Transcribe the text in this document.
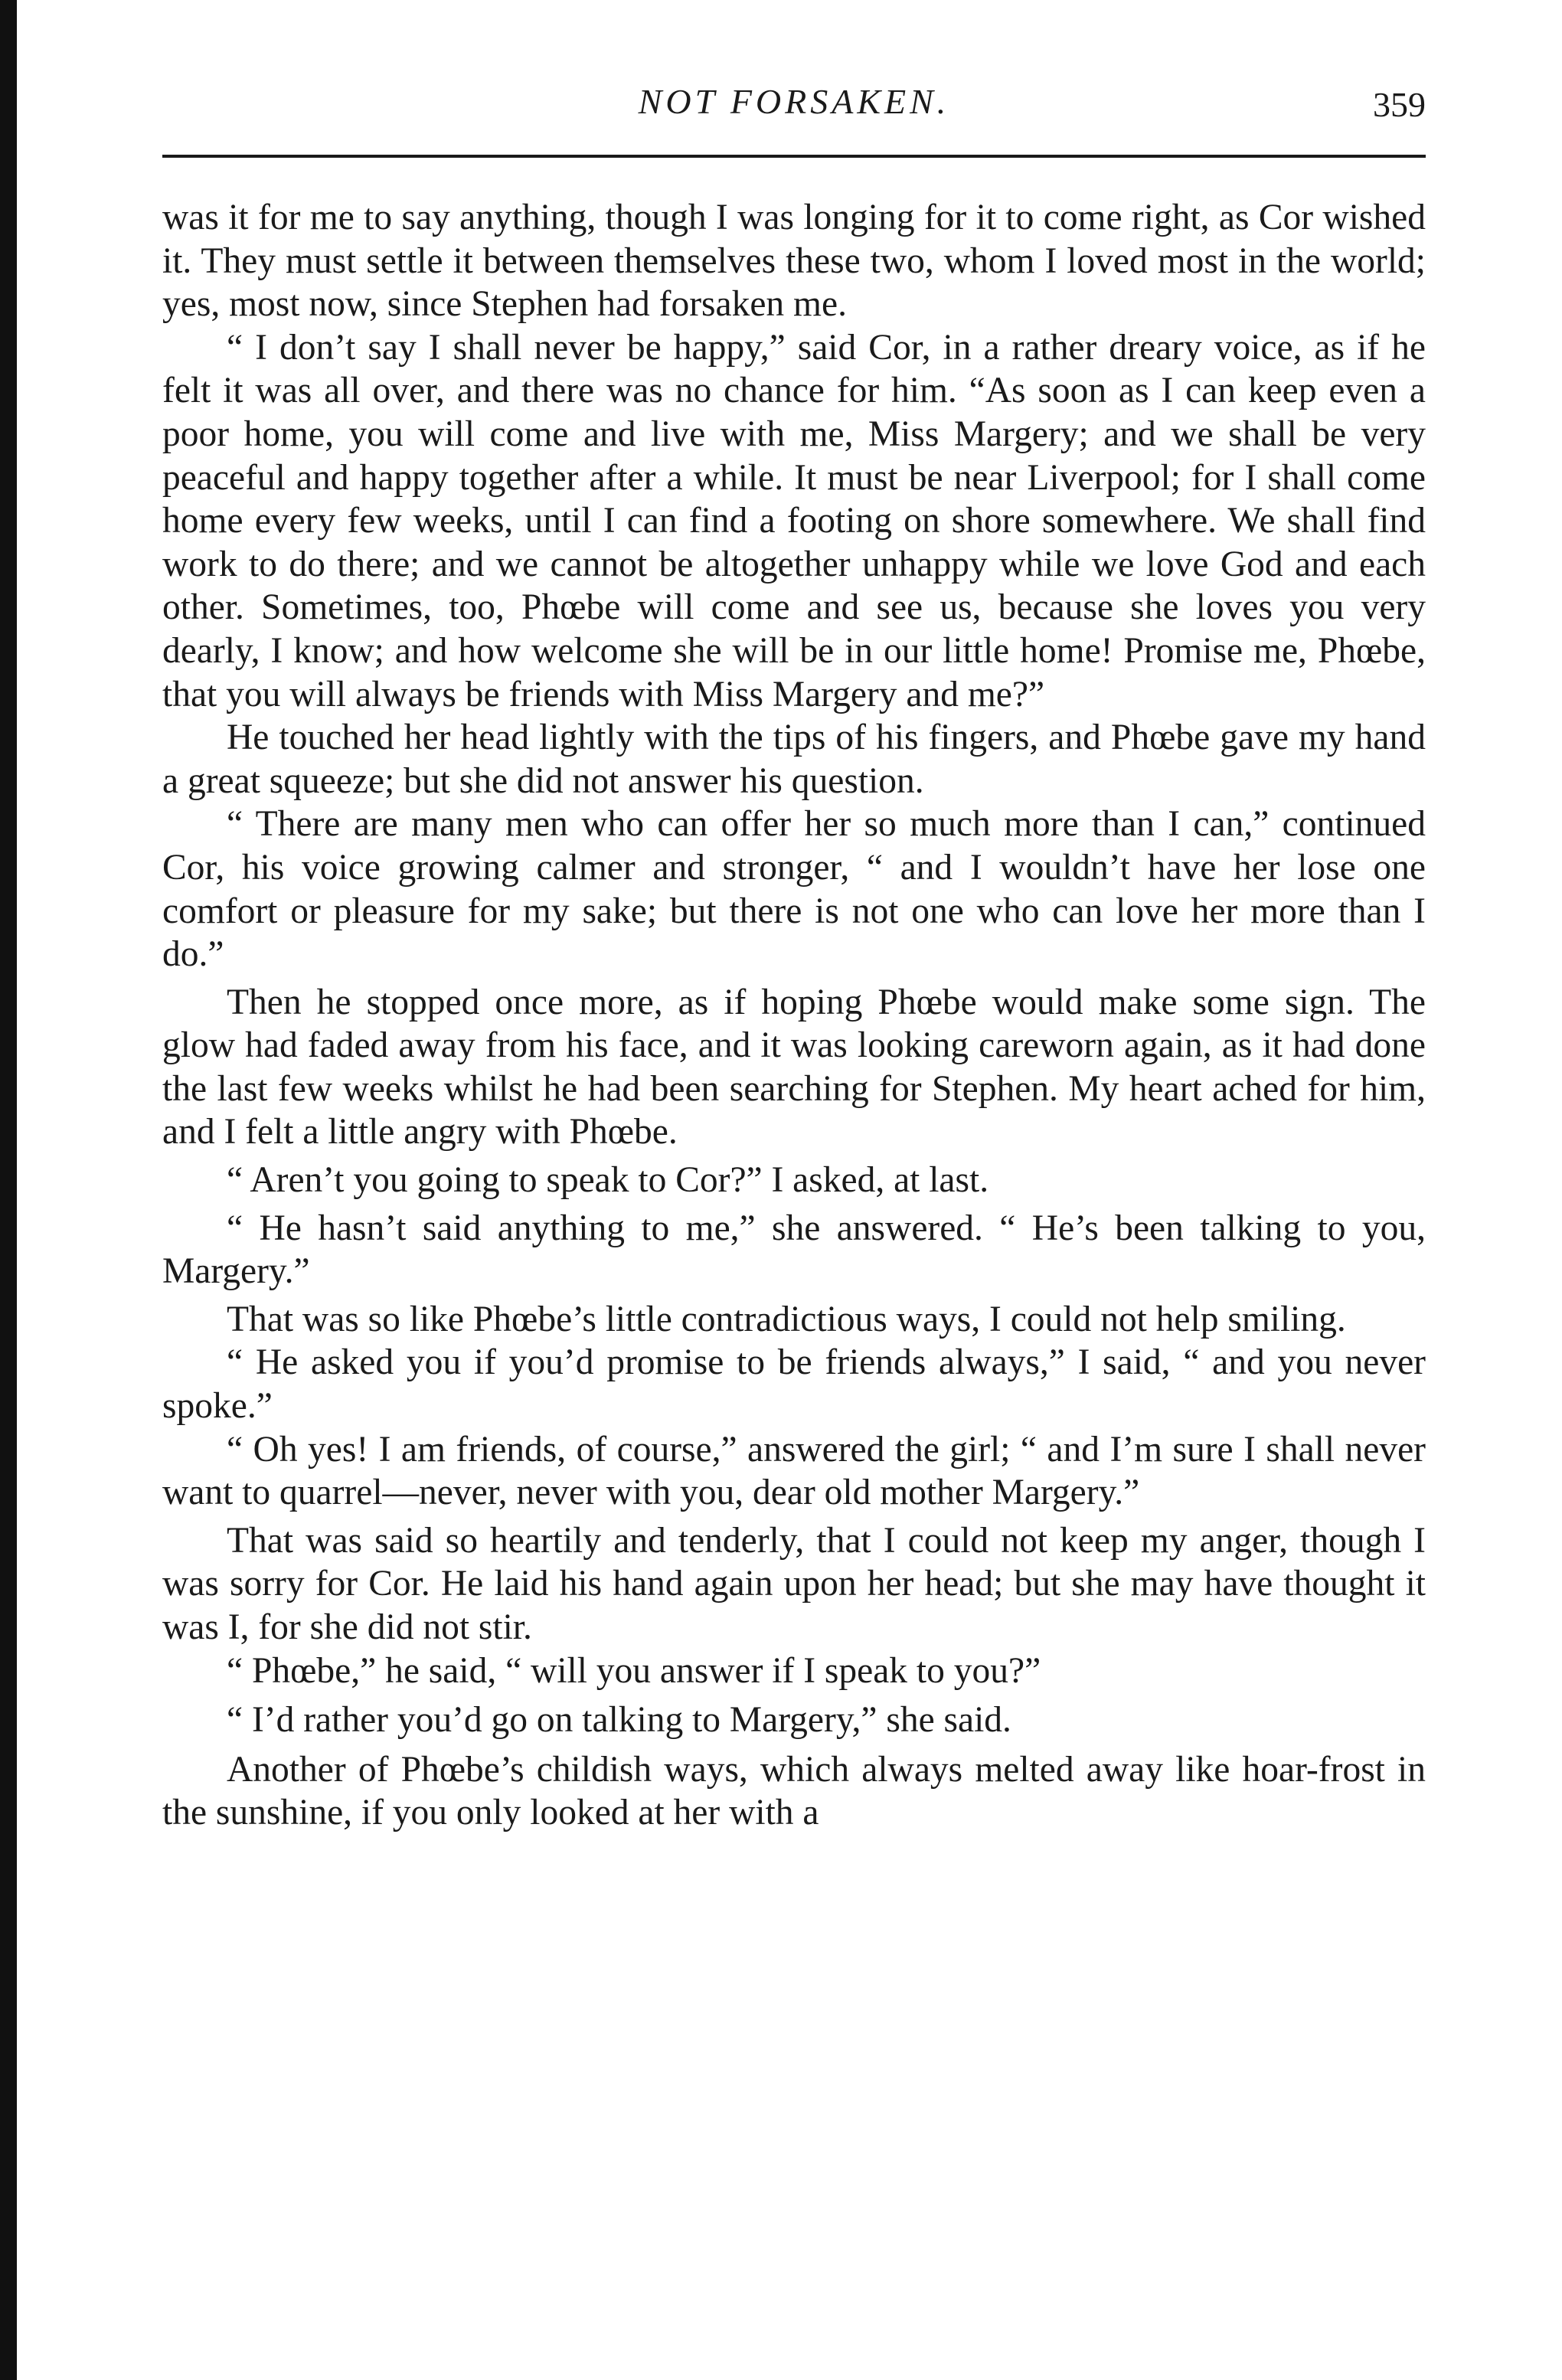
NOT FORSAKEN.	359

was it for me to say anything, though I was longing for it to come right, as Cor wished it. They must settle it between themselves these two, whom I loved most in the world; yes, most now, since Stephen had forsaken me.

“ I don’t say I shall never be happy,” said Cor, in a rather dreary voice, as if he felt it was all over, and there was no chance for him. “As soon as I can keep even a poor home, you will come and live with me, Miss Margery; and we shall be very peaceful and happy together after a while. It must be near Liverpool; for I shall come home every few weeks, until I can find a footing on shore somewhere. We shall find work to do there; and we cannot be altogether unhappy while we love God and each other. Sometimes, too, Phœbe will come and see us, because she loves you very dearly, I know; and how welcome she will be in our little home! Promise me, Phœbe, that you will always be friends with Miss Margery and me?”

He touched her head lightly with the tips of his fingers, and Phœbe gave my hand a great squeeze; but she did not answer his question.

“ There are many men who can offer her so much more than I can,” continued Cor, his voice growing calmer and stronger, “ and I wouldn’t have her lose one comfort or pleasure for my sake; but there is not one who can love her more than I do.”

Then he stopped once more, as if hoping Phœbe would make some sign. The glow had faded away from his face, and it was looking careworn again, as it had done the last few weeks whilst he had been searching for Stephen. My heart ached for him, and I felt a little angry with Phœbe.

“ Aren’t you going to speak to Cor?” I asked, at last.

“ He hasn’t said anything to me,” she answered. “ He’s been talking to you, Margery.”

That was so like Phœbe’s little contradictious ways, I could not help smiling.

“ He asked you if you’d promise to be friends always,” I said, “ and you never spoke.”

“ Oh yes! I am friends, of course,” answered the girl; “ and I’m sure I shall never want to quarrel—never, never with you, dear old mother Margery.”

That was said so heartily and tenderly, that I could not keep my anger, though I was sorry for Cor. He laid his hand again upon her head; but she may have thought it was I, for she did not stir.

“ Phœbe,” he said, “ will you answer if I speak to you?”

“ I’d rather you’d go on talking to Margery,” she said.

Another of Phœbe’s childish ways, which always melted away like hoar-frost in the sunshine, if you only looked at her with a
